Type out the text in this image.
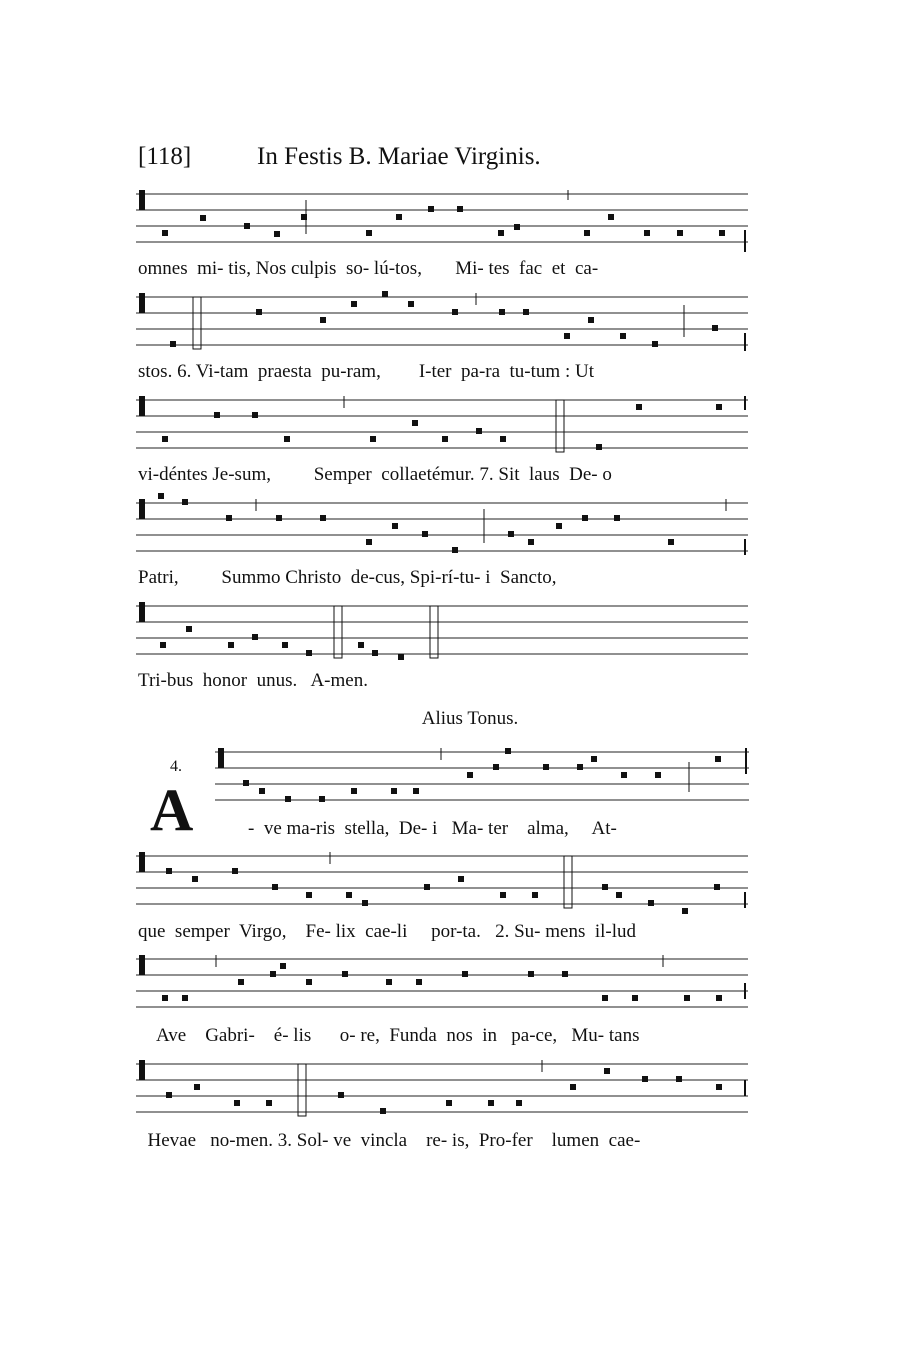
[118]	In Festis B. Mariae Virginis.
omnes  mi- tis, Nos culpis  so- lú-tos,       Mi- tes  fac  et  ca-
stos. 6. Vi-tam  praesta  pu-ram,        I-ter  pa-ra  tu-tum : Ut
vi-déntes Je-sum,         Semper  collaetémur. 7. Sit  laus  De- o
Patri,         Summo Christo  de-cus, Spi-rí-tu- i  Sancto,
Tri-bus  honor  unus.   A-men.
Alius Tonus.
4.
A	-  ve ma-ris  stella,  De- i   Ma- ter    alma,     At-
que  semper  Virgo,    Fe- lix  cae-li     por-ta.   2. Su- mens  il-lud
Ave    Gabri-    é- lis      o- re,  Funda  nos  in   pa-ce,   Mu- tans
Hevae   no-men. 3. Sol- ve  vincla    re- is,  Pro-fer    lumen  cae-
